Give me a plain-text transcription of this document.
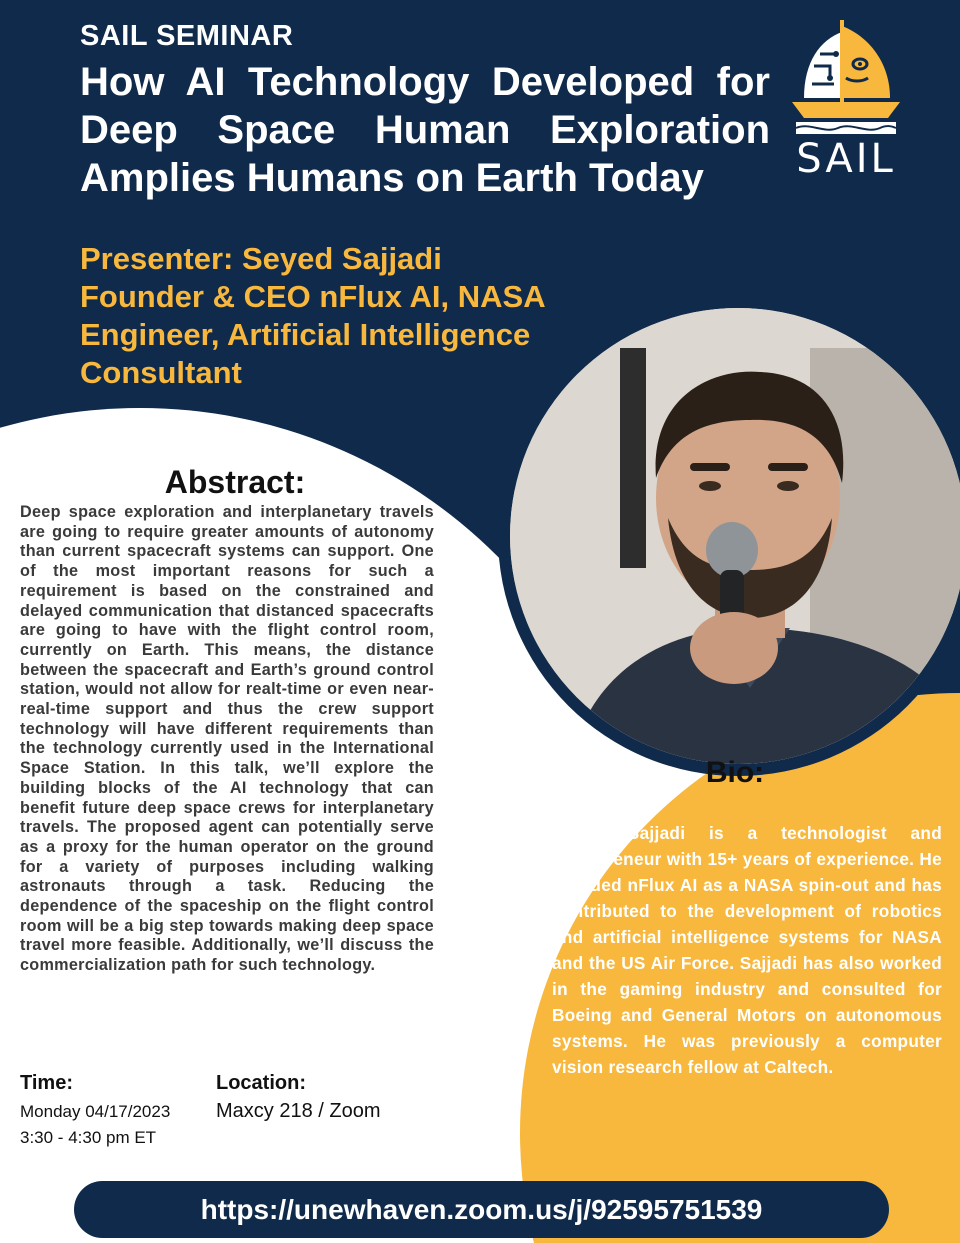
SAIL SEMINAR
How AI Technology Developed for Deep Space Human Exploration Amplies Humans on Earth Today
Presenter: Seyed Sajjadi
Founder & CEO nFlux AI, NASA Engineer, Artificial Intelligence Consultant
SAIL
Abstract:
Deep space exploration and interplanetary travels are going to require greater amounts of autonomy than current spacecraft systems can support. One of the most important reasons for such a requirement is based on the constrained and delayed communication that distanced spacecrafts are going to have with the flight control room, currently on Earth. This means, the distance between the spacecraft and Earth’s ground control station, would not allow for realt-time or even near-real-time support and thus the crew support technology will have different requirements than the technology currently used in the International Space Station. In this talk, we’ll explore the building blocks of the AI technology that can benefit future deep space crews for interplanetary travels. The proposed agent can potentially serve as a proxy for the human operator on the ground for a variety of purposes including walking astronauts through a task. Reducing the dependence of the spaceship on the flight control room will be a big step towards making deep space travel more feasible. Additionally, we’ll discuss the commercialization path for such technology.
Bio:
Seyed Sajjadi is a technologist and entrepreneur with 15+ years of experience. He founded nFlux AI as a NASA spin-out and has contributed to the development of robotics and artificial intelligence systems for NASA and the US Air Force. Sajjadi has also worked in the gaming industry and consulted for Boeing and General Motors on autonomous systems. He was previously a computer vision research fellow at Caltech.
Time:
Monday 04/17/2023
3:30 - 4:30 pm ET
Location:
Maxcy 218 / Zoom
https://unewhaven.zoom.us/j/92595751539
